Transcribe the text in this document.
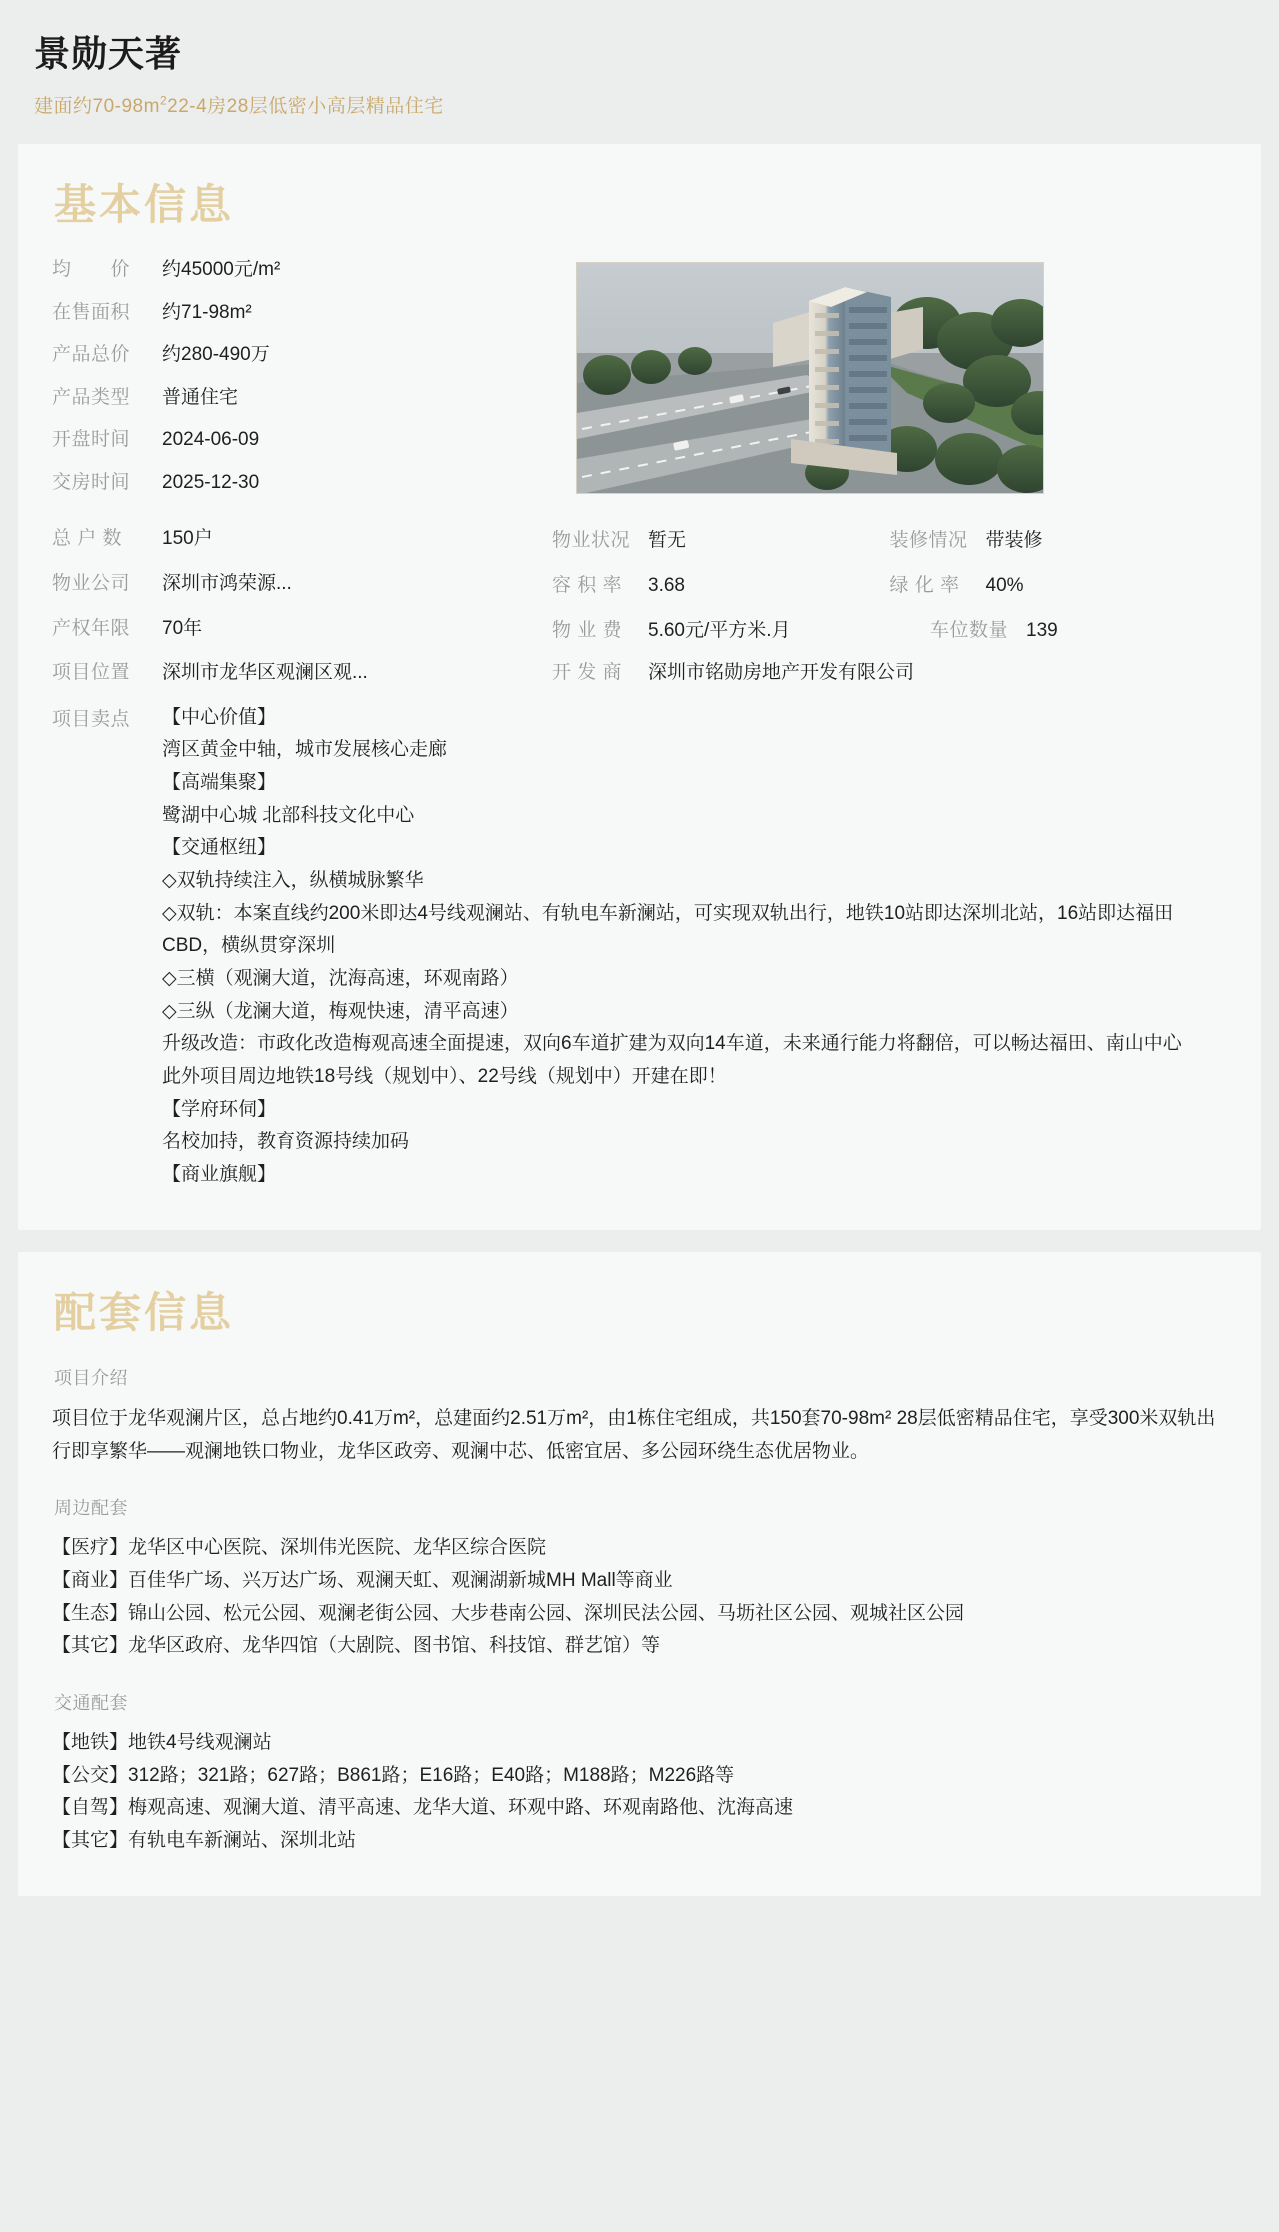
景勋天著
建面约$70-98m^222-4$房28层低密小高层精品住宅
基本信息
均　　价	约45000元/m²
在售面积	约71-98m²
产品总价	约280-490万
产品类型	普通住宅
开盘时间	2024-06-09
交房时间	2025-12-30
总 户 数	150户	物业状况 暂无	装修情况 带装修
物业公司	深圳市鸿荣源...	容 积 率	3.68	绿 化 率	40%
产权年限	70年	物 业 费	5.60元/平方米.月	车位数量 139
项目位置	深圳市龙华区观澜区观...	开 发 商	深圳市铭勋房地产开发有限公司
项目卖点	【中心价值】
湾区黄金中轴，城市发展核心走廊
【高端集聚】
鹭湖中心城 北部科技文化中心
【交通枢纽】
◇双轨持续注入，纵横城脉繁华
◇双轨：本案直线约200米即达4号线观澜站、有轨电车新澜站，可实现双轨出行，地铁10站即达深圳北站，16站即达福田CBD，横纵贯穿深圳
◇三横（观澜大道，沈海高速，环观南路）
◇三纵（龙澜大道，梅观快速，清平高速）
升级改造：市政化改造梅观高速全面提速，双向6车道扩建为双向14车道，未来通行能力将翻倍，可以畅达福田、南山中心
此外项目周边地铁18号线（规划中）、22号线（规划中）开建在即！
【学府环伺】
名校加持，教育资源持续加码
【商业旗舰】
配套信息
项目介绍
项目位于龙华观澜片区，总占地约0.41万m²，总建面约2.51万m²，由1栋住宅组成，共150套70-98m² 28层低密精品住宅，享受300米双轨出行即享繁华——观澜地铁口物业，龙华区政旁、观澜中芯、低密宜居、多公园环绕生态优居物业。
周边配套
【医疗】龙华区中心医院、深圳伟光医院、龙华区综合医院
【商业】百佳华广场、兴万达广场、观澜天虹、观澜湖新城MH Mall等商业
【生态】锦山公园、松元公园、观澜老街公园、大步巷南公园、深圳民法公园、马坜社区公园、观城社区公园
【其它】龙华区政府、龙华四馆（大剧院、图书馆、科技馆、群艺馆）等
交通配套
【地铁】地铁4号线观澜站
【公交】312路；321路；627路；B861路；E16路；E40路；M188路；M226路等
【自驾】梅观高速、观澜大道、清平高速、龙华大道、环观中路、环观南路他、沈海高速
【其它】有轨电车新澜站、深圳北站
